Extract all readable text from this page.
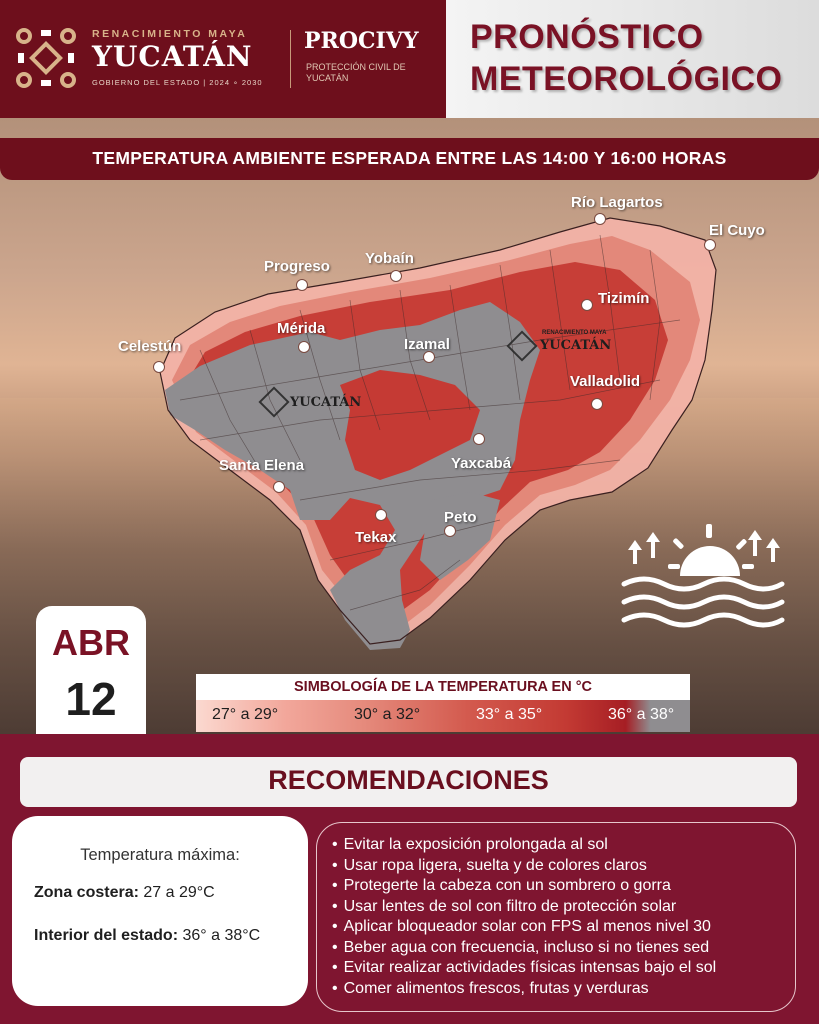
RENACIMIENTO MAYA
YUCATÁN
GOBIERNO DEL ESTADO | 2024 ∘ 2030
PROCIVY
PROTECCIÓN CIVIL DE YUCATÁN
PRONÓSTICO
METEOROLÓGICO
TEMPERATURA AMBIENTE ESPERADA ENTRE LAS 14:00 Y 16:00 HORAS
YUCATÁN
RENACIMIENTO MAYA
YUCATÁN
Río Lagartos
El Cuyo
Progreso Yobaín
Tizimín
Mérida
Izamal
Celestún
Valladolid
Santa Elena	Yaxcabá
Peto
Tekax
ABR
12	SIMBOLOGÍA DE LA TEMPERATURA EN °C
27° a 29°	30° a 32°	33° a 35°	36° a 38°
RECOMENDACIONES
Temperatura máxima:
Zona costera: 27 a 29°C
Interior del estado: 36° a 38°C
• Evitar la exposición prolongada al sol
• Usar ropa ligera, suelta y de colores claros
• Protegerte la cabeza con un sombrero o gorra
• Usar lentes de sol con filtro de protección solar
• Aplicar bloqueador solar con FPS al menos nivel 30
• Beber agua con frecuencia, incluso si no tienes sed
• Evitar realizar actividades físicas intensas bajo el sol
• Comer alimentos frescos, frutas y verduras
